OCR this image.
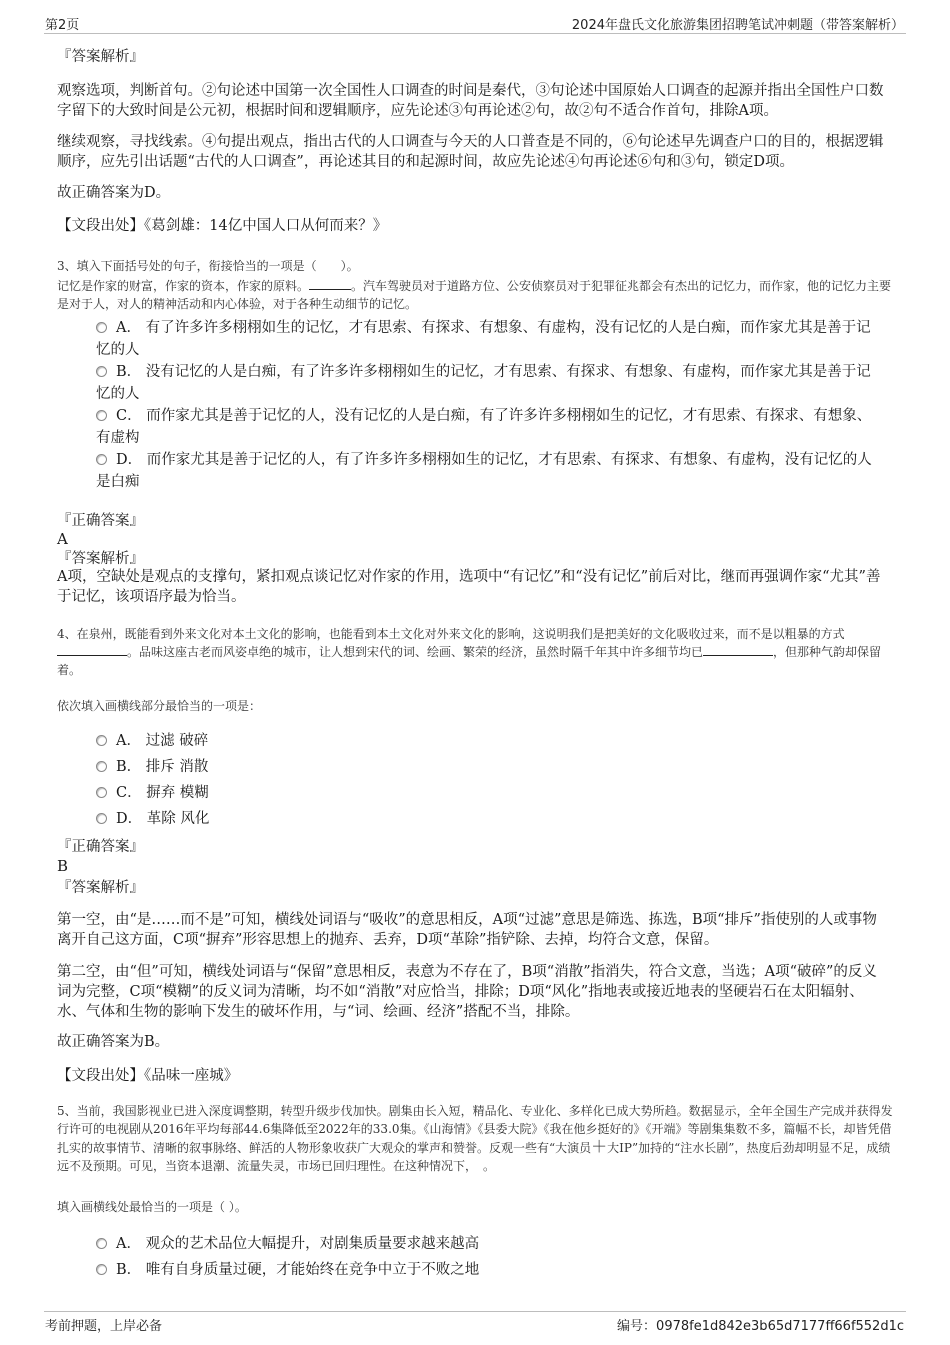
第2页	2024年盘氏文化旅游集团招聘笔试冲刺题（带答案解析）
『答案解析』
观察选项，判断首句。②句论述中国第一次全国性人口调查的时间是秦代，③句论述中国原始人口调查的起源并指出全国性户口数字留下的大致时间是公元初，根据时间和逻辑顺序，应先论述③句再论述②句，故②句不适合作首句，排除A项。
继续观察，寻找线索。④句提出观点，指出古代的人口调查与今天的人口普查是不同的，⑥句论述早先调查户口的目的，根据逻辑顺序，应先引出话题“古代的人口调查”，再论述其目的和起源时间，故应先论述④句再论述⑥句和③句，锁定D项。
故正确答案为D。
【文段出处】《葛剑雄：14亿中国人口从何而来？》
3、填入下面括号处的句子，衔接恰当的一项是（　　）。
记忆是作家的财富，作家的资本，作家的原料。	。汽车驾驶员对于道路方位、公安侦察员对于犯罪征兆都会有杰出的记忆力，而作家，他的记忆力主要是对于人，对人的精神活动和内心体验，对于各种生动细节的记忆。
A． 有了许多许多栩栩如生的记忆，才有思索、有探求、有想象、有虚构，没有记忆的人是白痴，而作家尤其是善于记忆的人
B． 没有记忆的人是白痴，有了许多许多栩栩如生的记忆，才有思索、有探求、有想象、有虚构，而作家尤其是善于记忆的人
C． 而作家尤其是善于记忆的人，没有记忆的人是白痴，有了许多许多栩栩如生的记忆，才有思索、有探求、有想象、有虚构
D． 而作家尤其是善于记忆的人，有了许多许多栩栩如生的记忆，才有思索、有探求、有想象、有虚构，没有记忆的人是白痴
『正确答案』
A
『答案解析』
A项，空缺处是观点的支撑句，紧扣观点谈记忆对作家的作用，选项中“有记忆”和“没有记忆”前后对比，继而再强调作家“尤其”善于记忆，该项语序最为恰当。
4、在泉州，既能看到外来文化对本土文化的影响，也能看到本土文化对外来文化的影响，这说明我们是把美好的文化吸收过来，而不是以粗暴的方式。品味这座古老而风姿卓绝的城市，让人想到宋代的词、绘画、繁荣的经济，虽然时隔千年其中许多细节均已	，但那种气韵却保留着。
依次填入画横线部分最恰当的一项是：
A． 过滤 破碎
B． 排斥 消散
C． 摒弃 模糊
D． 革除 风化
『正确答案』
B
『答案解析』
第一空，由“是……而不是”可知，横线处词语与“吸收”的意思相反，A项“过滤”意思是筛选、拣选，B项“排斥”指使别的人或事物离开自己这方面，C项“摒弃”形容思想上的抛弃、丢弃，D项“革除”指铲除、去掉，均符合文意，保留。
第二空，由“但”可知，横线处词语与“保留”意思相反，表意为不存在了，B项“消散”指消失，符合文意，当选；A项“破碎”的反义词为完整，C项“模糊”的反义词为清晰，均不如“消散”对应恰当，排除；D项“风化”指地表或接近地表的坚硬岩石在太阳辐射、水、气体和生物的影响下发生的破坏作用，与“词、绘画、经济”搭配不当，排除。
故正确答案为B。
【文段出处】《品味一座城》
5、当前，我国影视业已进入深度调整期，转型升级步伐加快。剧集由长入短，精品化、专业化、多样化已成大势所趋。数据显示，全年全国生产完成并获得发行许可的电视剧从2016年平均每部44.6集降低至2022年的33.0集。《山海情》《县委大院》《我在他乡挺好的》《开端》等剧集集数不多，篇幅不长，却皆凭借扎实的故事情节、清晰的叙事脉络、鲜活的人物形象收获广大观众的掌声和赞誉。反观一些有“大演员＋大IP”加持的“注水长剧”，热度后劲却明显不足，成绩远不及预期。可见，当资本退潮、流量失灵，市场已回归理性。在这种情况下，　。
填入画横线处最恰当的一项是（ ）。
A． 观众的艺术品位大幅提升，对剧集质量要求越来越高
B． 唯有自身质量过硬，才能始终在竞争中立于不败之地
考前押题，上岸必备	编号：0978fe1d842e3b65d7177ff66f552d1c
